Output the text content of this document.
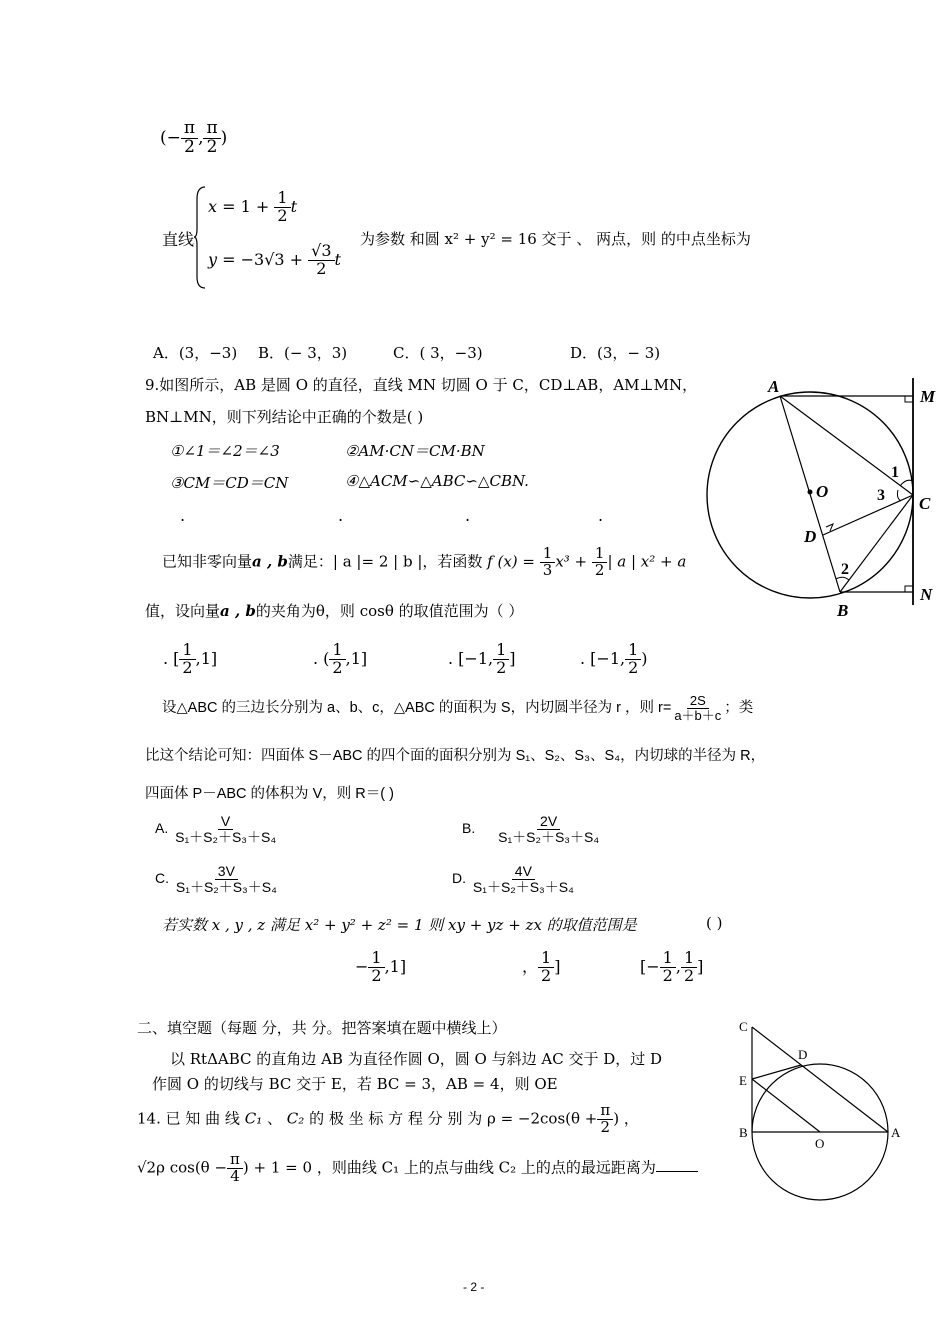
(− $\frac{\pi}{2}$ , $\frac{\pi}{2}$ )
直线
$x = 1 + \frac{1}{2}$ t
$y = -3√3 + \frac{√3}{2}$ t
为参数 和圆 x² + y² = 16 交于 、 两点，则 的中点坐标为
A．(3，−3) B．(− 3，3)	C．( 3，−3)	D．(3，− 3)
9.如图所示，AB 是圆 O 的直径，直线 MN 切圆 O 于 C，CD⊥AB，AM⊥MN，
BN⊥MN，则下列结论中正确的个数是( )
①∠1＝∠2＝∠3	②AM·CN＝CM·BN
③CM＝CD＝CN	④△ACM∽△ABC∽△CBN.
.	.	.	.
A
M
O
C
D
B
N
1
3
2
已知非零向量a , b满足：| a |= 2 | b |，若函数 f $(x) = \frac{1}{3} x^3 + \frac{1}{2}$ | a | x² + a
值，设向量a , b的夹角为θ，则 cosθ 的取值范围为（ ）
. [ $\frac{1}{2} ,1$]	. ( $\frac{1}{2} ,1$]	. [−1, $\frac{1}{2}$ ]	. [−1, $\frac{1}{2}$ )
设△ABC 的三边长分别为 a、b、c，△ABC 的面积为 S，内切圆半径为 r ，则 $r= \frac{2S}{a+b+c}$ ；类
比这个结论可知：四面体 S－ABC 的四个面的面积分别为 S₁、S₂、S₃、S₄，内切球的半径为 R，
四面体 P－ABC 的体积为 V，则 R＝( )
A. $\frac{V}{\text{S₁＋S₂＋S₃＋S₄}}$	B. $\frac{2V}{\text{S₁＋S₂＋S₃＋S₄}}$
C. $\frac{3V}{\text{S₁＋S₂＋S₃＋S₄}}$	D. $\frac{4V}{\text{S₁＋S₂＋S₃＋S₄}}$
若实数 x , y , z 满足 x² + y² + z² = 1 则 xy + yz + zx 的取值范围是	( )
− $\frac{1}{2} ,1$]	， $\frac{1}{2}$ ]	[− $\frac{1}{2}$ , $\frac{1}{2}$ ]
二、填空题（每题 分，共 分。把答案填在题中横线上）
以 RtΔABC 的直角边 AB 为直径作圆 O，圆 O 与斜边 AC 交于 D，过 D
作圆 O 的切线与 BC 交于 E，若 BC = 3，AB = 4，则 OE
C
D
E
B
O
A
14. 已 知 曲 线 C₁ 、 C₂ 的 极 坐 标 方 程 分 别 为 $\rho = -2\cos(\theta + \frac{\pi}{2}$ ) ，
√2ρ $\cos(\theta - \frac{\pi}{4}$ ) + 1 = 0 ，则曲线 C₁ 上的点与曲线 C₂ 上的点的最远距离为
- 2 -
